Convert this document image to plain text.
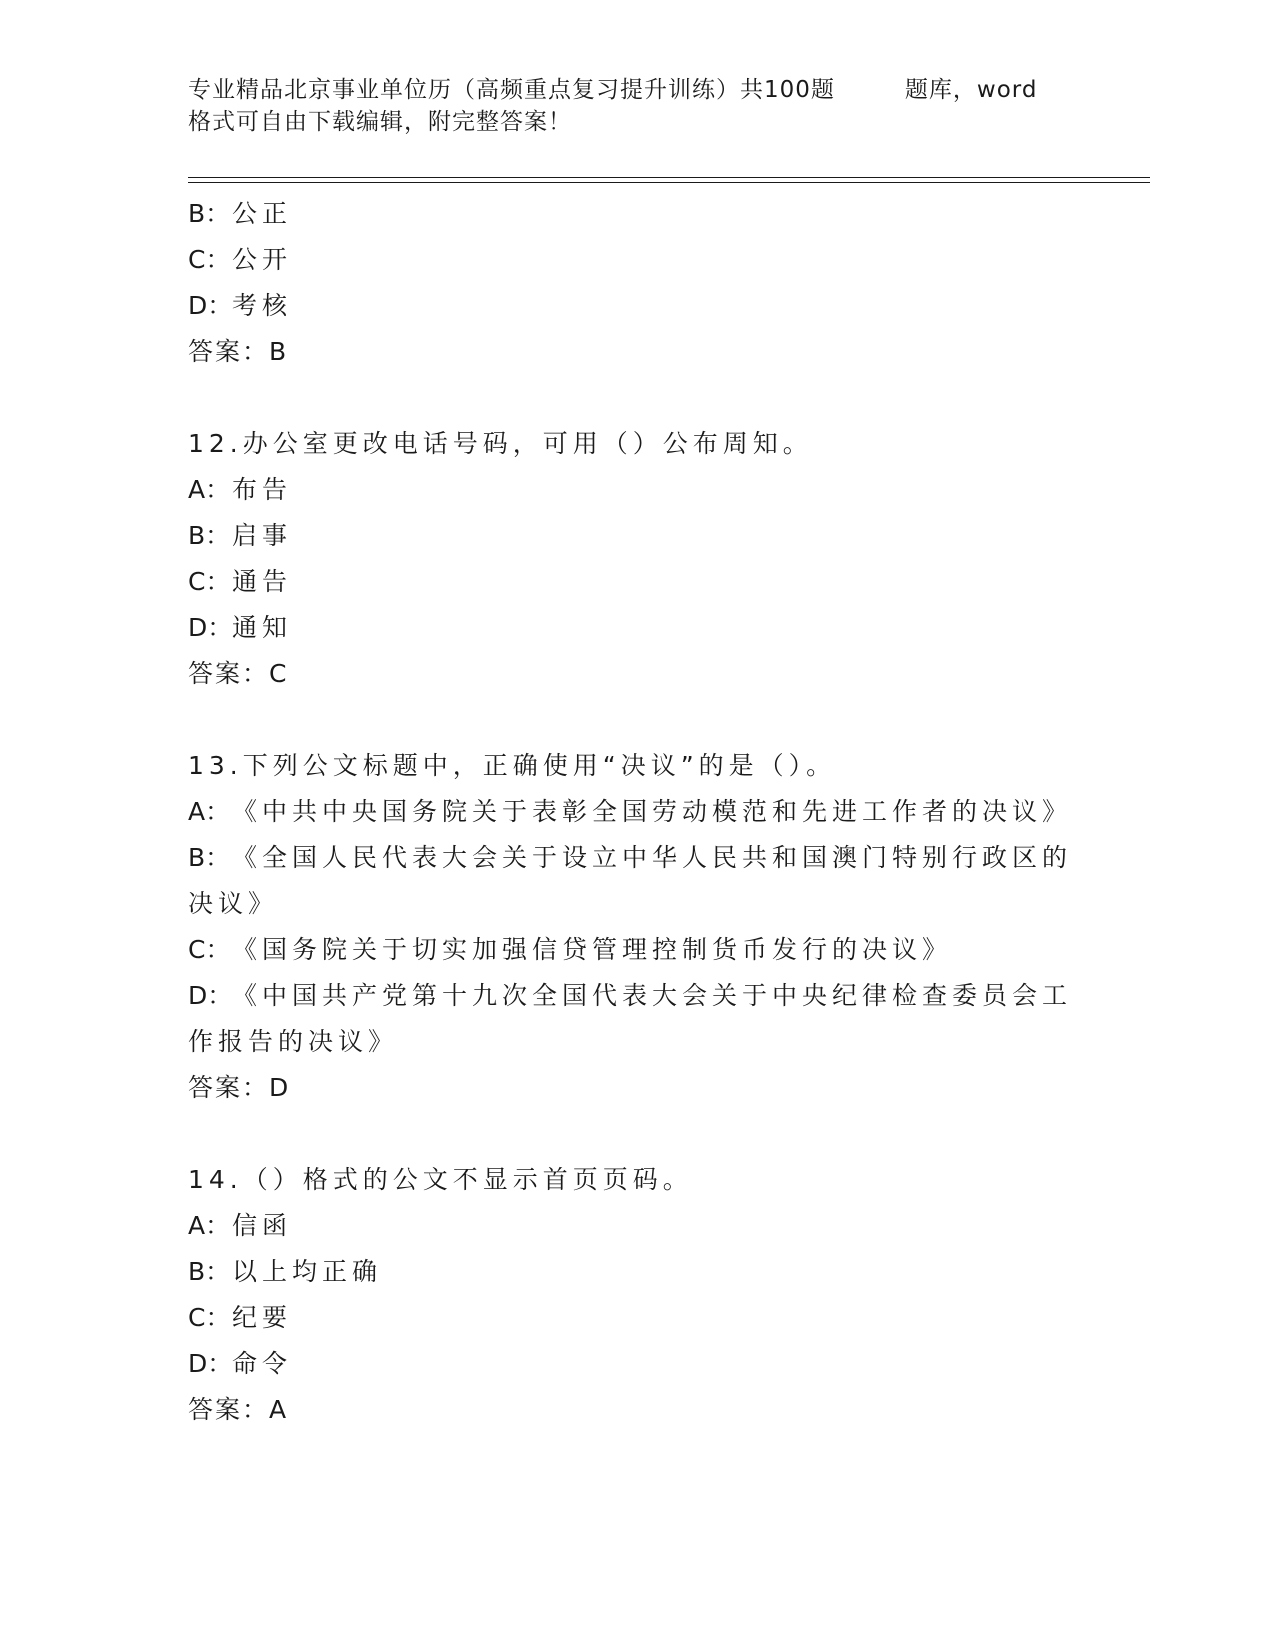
专业精品北京事业单位历（高频重点复习提升训练）共100题	题库，word
格式可自由下载编辑，附完整答案！
B：公正
C：公开
D：考核
答案：B
12.办公室更改电话号码，可用（）公布周知。
A：布告
B：启事
C：通告
D：通知
答案：C
13.下列公文标题中，正确使用“决议”的是（）。
A：《中共中央国务院关于表彰全国劳动模范和先进工作者的决议》
B：《全国人民代表大会关于设立中华人民共和国澳门特别行政区的决议》
C：《国务院关于切实加强信贷管理控制货币发行的决议》
D：《中国共产党第十九次全国代表大会关于中央纪律检查委员会工作报告的决议》
答案：D
14.（）格式的公文不显示首页页码。
A：信函
B：以上均正确
C：纪要
D：命令
答案：A
